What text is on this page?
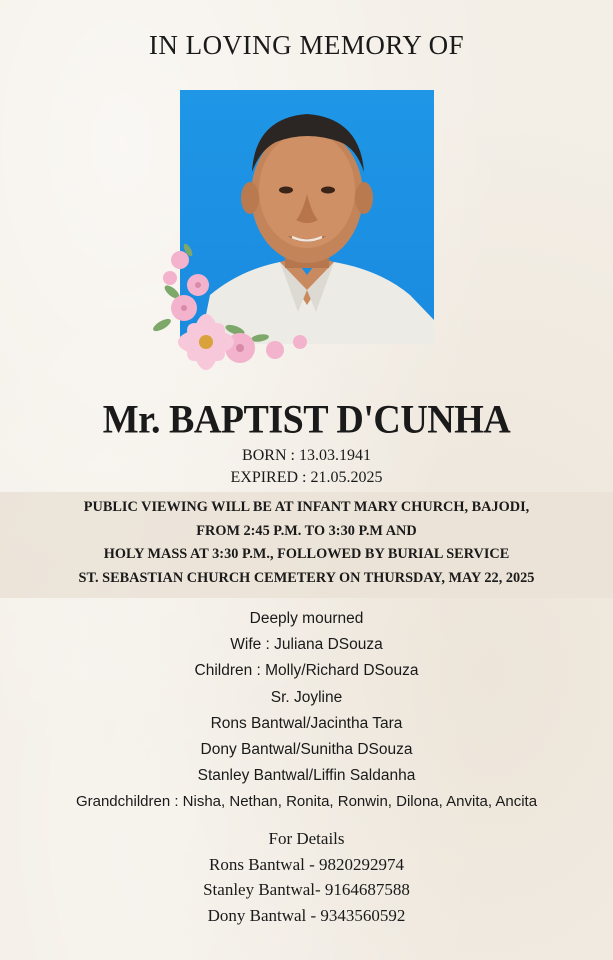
IN LOVING MEMORY OF
Mr. BAPTIST D'CUNHA
BORN : 13.03.1941
EXPIRED : 21.05.2025
PUBLIC VIEWING WILL BE AT INFANT MARY CHURCH, BAJODI,
FROM 2:45 P.M. TO 3:30 P.M AND
HOLY MASS AT 3:30 P.M., FOLLOWED BY BURIAL SERVICE
ST. SEBASTIAN CHURCH CEMETERY ON THURSDAY, MAY 22, 2025
Deeply mourned
Wife : Juliana DSouza
Children : Molly/Richard DSouza
Sr. Joyline
Rons Bantwal/Jacintha Tara
Dony Bantwal/Sunitha DSouza
Stanley Bantwal/Liffin Saldanha
Grandchildren : Nisha, Nethan, Ronita, Ronwin, Dilona, Anvita, Ancita
For Details
Rons Bantwal - 9820292974
Stanley Bantwal- 9164687588
Dony Bantwal - 9343560592
